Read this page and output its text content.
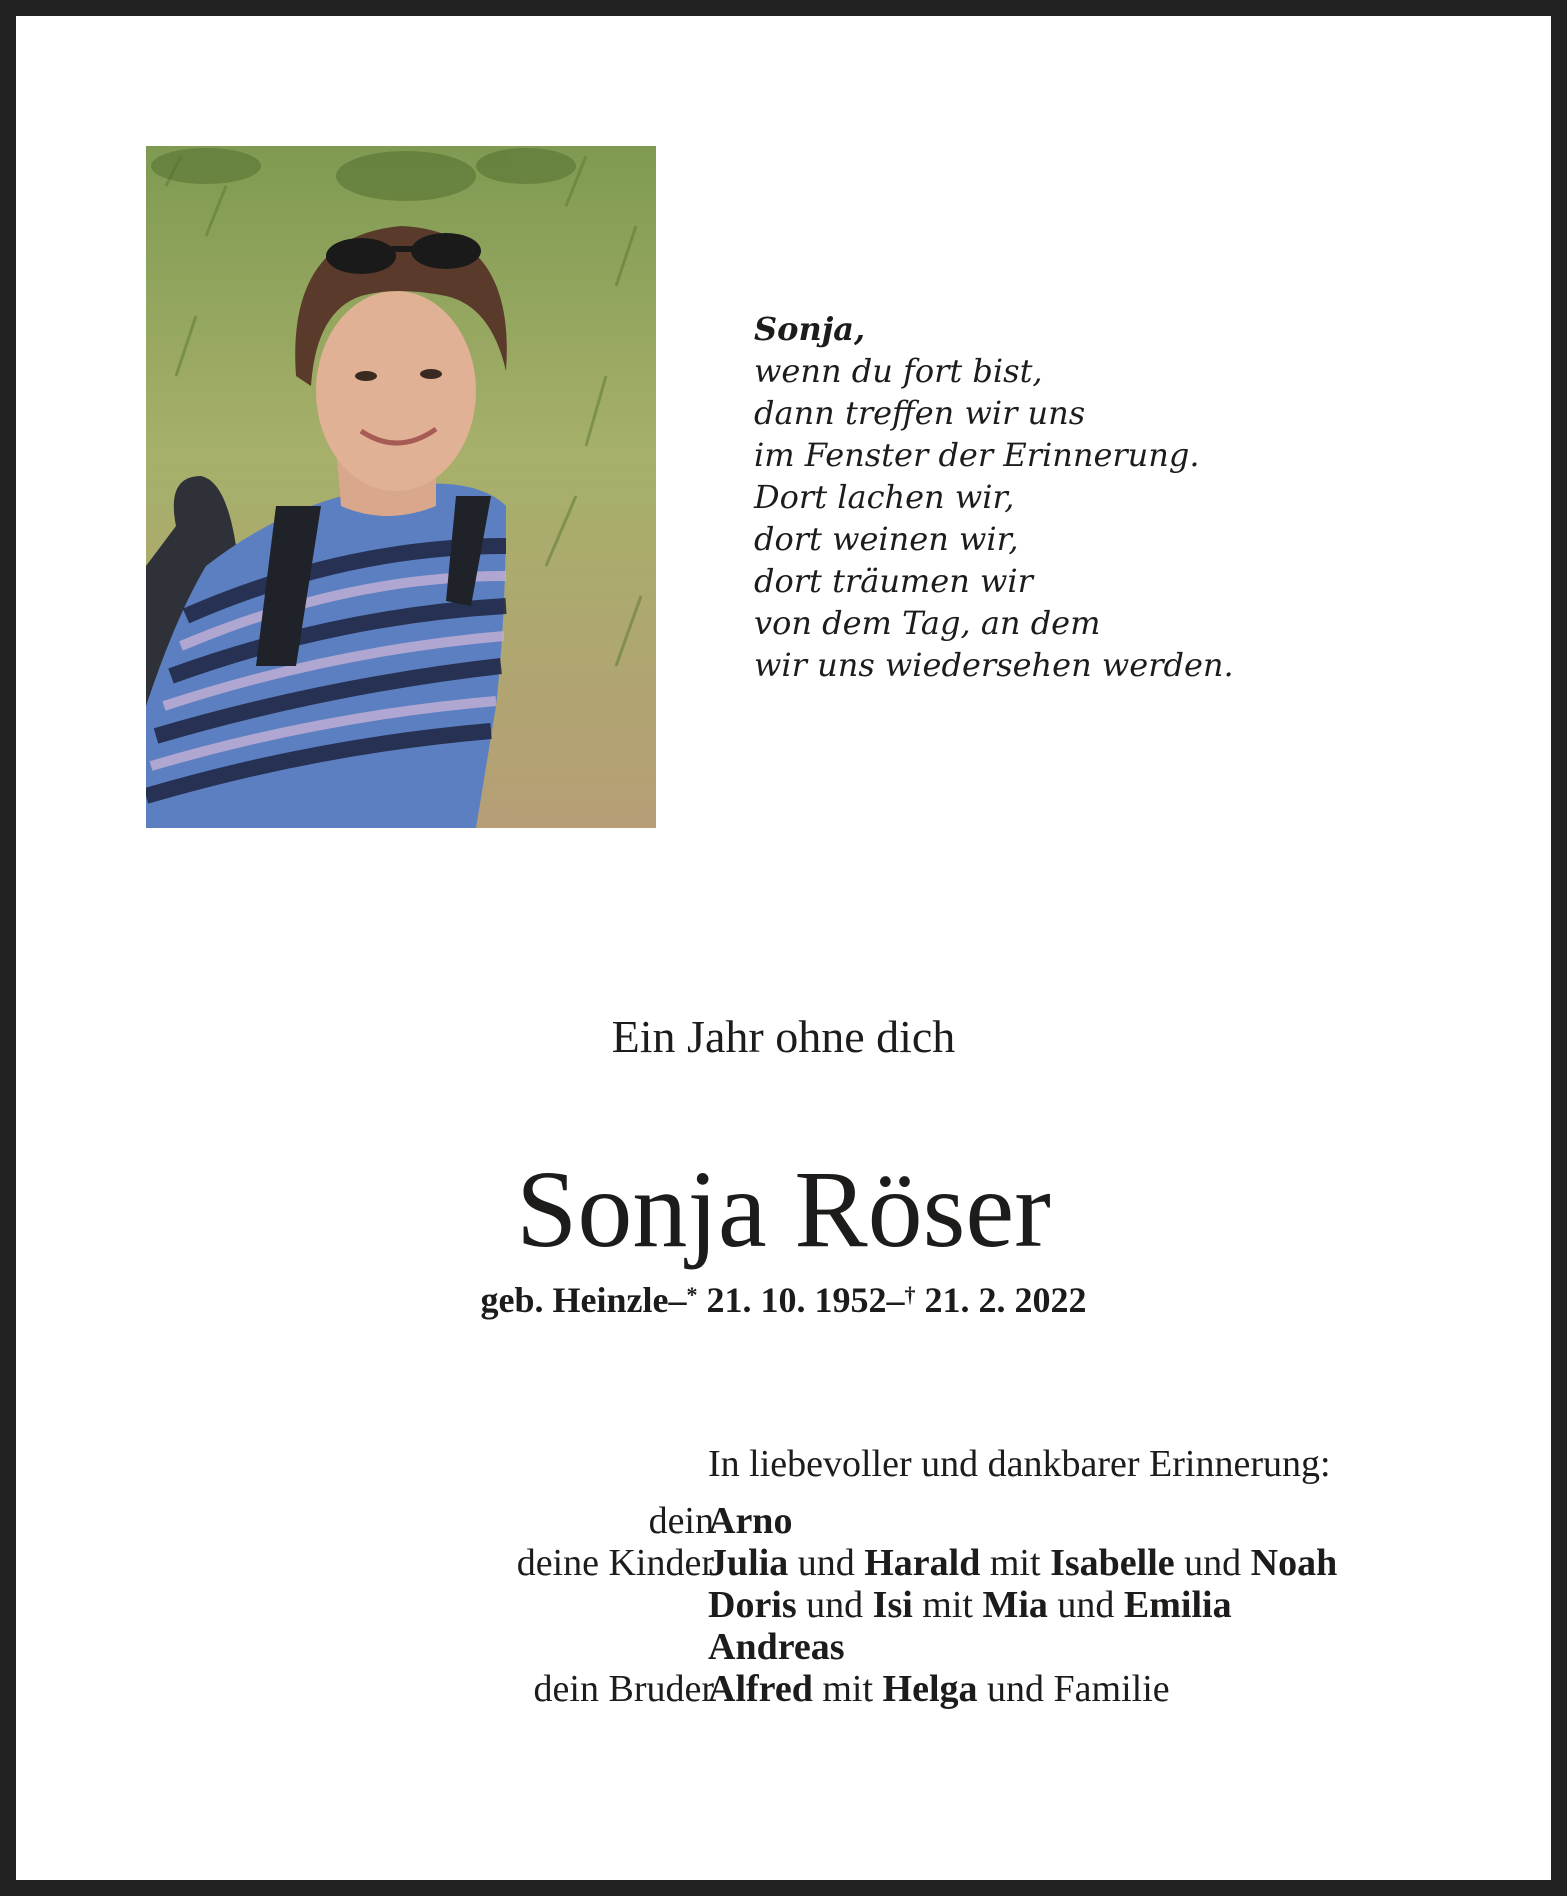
Sonja,
wenn du fort bist,
dann treffen wir uns
im Fenster der Erinnerung.
Dort lachen wir,
dort weinen wir,
dort träumen wir
von dem Tag, an dem
wir uns wiedersehen werden.
Ein Jahr ohne dich
Sonja Röser
geb. Heinzle–* 21. 10. 1952–† 21. 2. 2022
In liebevoller und dankbarer Erinnerung:
dein
Arno
deine Kinder
Julia und Harald mit Isabelle und Noah
Doris und Isi mit Mia und Emilia
Andreas
dein Bruder
Alfred mit Helga und Familie
